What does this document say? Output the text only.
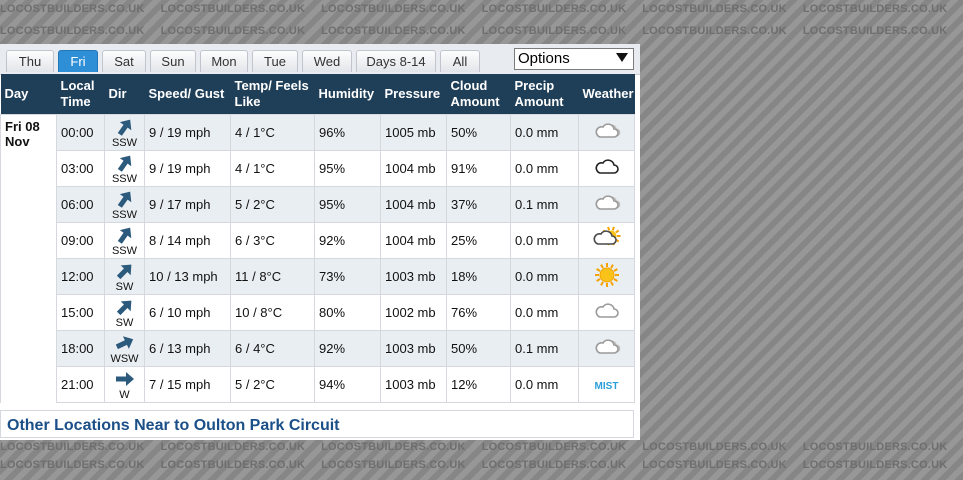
LOCOSTBUILDERS.CO.UK LOCOSTBUILDERS.CO.UK LOCOSTBUILDERS.CO.UK LOCOSTBUILDERS.CO.UK LOCOSTBUILDERS.CO.UK LOCOSTBUILDERS.CO.UK
LOCOSTBUILDERS.CO.UK LOCOSTBUILDERS.CO.UK LOCOSTBUILDERS.CO.UK LOCOSTBUILDERS.CO.UK LOCOSTBUILDERS.CO.UK LOCOSTBUILDERS.CO.UK
Thu	Fri	Sat	Sun	Mon	Tue	Wed	Days 8-14	All	Options
Day	Local Time	Dir	Speed/ Gust	Temp/ Feels Like	Humidity	Pressure	Cloud Amount	Precip Amount	Weather
Fri 08 Nov	00:00	SSW	9 / 19 mph	4 / 1°C	96%	1005 mb	50%	0.0 mm	
	03:00	SSW	9 / 19 mph	4 / 1°C	95%	1004 mb	91%	0.0 mm	
	06:00	SSW	9 / 17 mph	5 / 2°C	95%	1004 mb	37%	0.1 mm	
	09:00	SSW	8 / 14 mph	6 / 3°C	92%	1004 mb	25%	0.0 mm	
	12:00	SW	10 / 13 mph	11 / 8°C	73%	1003 mb	18%	0.0 mm	
	15:00	SW	6 / 10 mph	10 / 8°C	80%	1002 mb	76%	0.0 mm	
	18:00	WSW	6 / 13 mph	6 / 4°C	92%	1003 mb	50%	0.1 mm	
	21:00	W	7 / 15 mph	5 / 2°C	94%	1003 mb	12%	0.0 mm	MIST
Other Locations Near to Oulton Park Circuit
LOCOSTBUILDERS.CO.UK LOCOSTBUILDERS.CO.UK LOCOSTBUILDERS.CO.UK LOCOSTBUILDERS.CO.UK LOCOSTBUILDERS.CO.UK LOCOSTBUILDERS.CO.UK
LOCOSTBUILDERS.CO.UK LOCOSTBUILDERS.CO.UK LOCOSTBUILDERS.CO.UK LOCOSTBUILDERS.CO.UK LOCOSTBUILDERS.CO.UK LOCOSTBUILDERS.CO.UK
